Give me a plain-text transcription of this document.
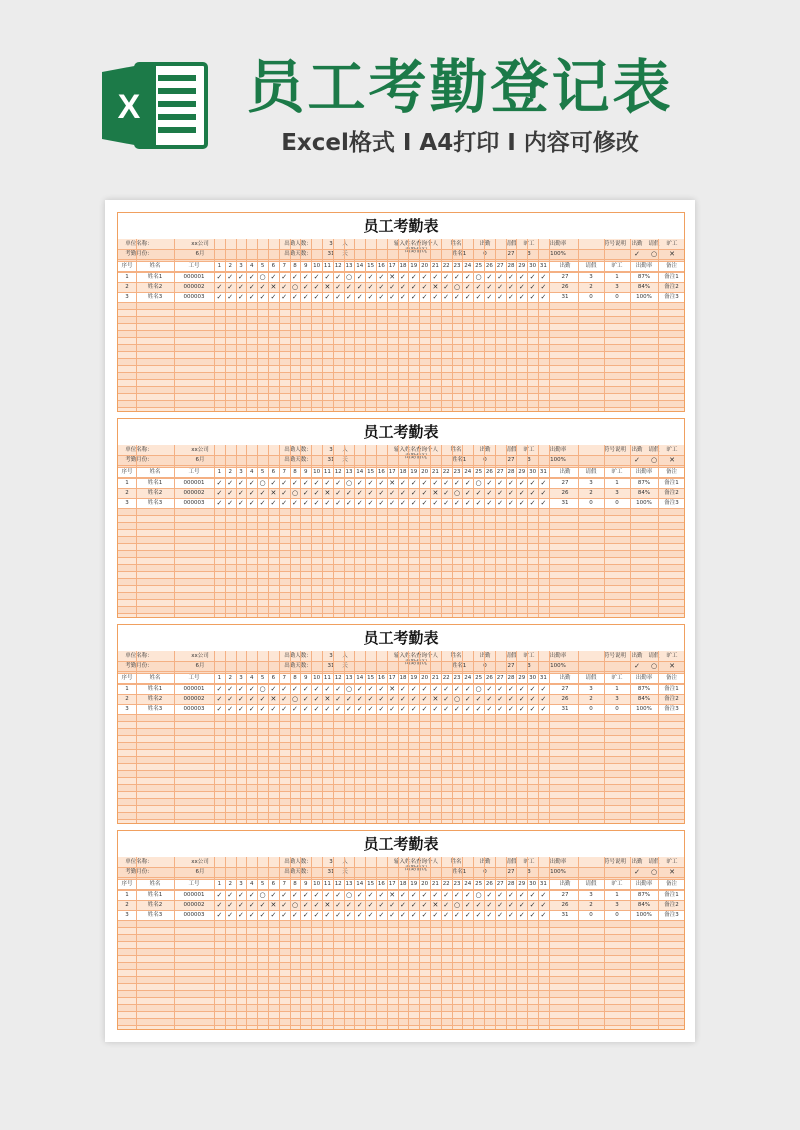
X 员工考勤登记表
Excel格式 Ⅰ A4打印 Ⅰ 内容可修改
员工考勤表
单位名称：	xx公司	出勤人数：	3	人	姓名	出勤	请假 旷工	出勤率	出勤 请假 旷工
输入姓名查询个人出勤情况
符号说明
考勤月份：	6月	出勤天数：	31	天	姓名1	0	27	3	100%	✓	○	✕
序号	姓名	工号	出勤	请假	旷工	出勤率	备注
1	2	3	4	5	6	7	8	9	10 11 12 13 14 15 16 17 18 19 20 21 22 23 24 25 26 27 28 29 30 31
1	姓名1	000001	✓ ✓ ✓ ✓ ○ ✓ ✓ ✓ ✓ ✓ ✓ ✓ ○ ✓ ✓ ✓ ✕ ✓ ✓ ✓ ✓ ✓ ✓ ✓ ○ ✓ ✓ ✓ ✓ ✓ ✓	27	3	1	87%	备注1
2	姓名2	000002	✓ ✓ ✓ ✓ ✓ ✕ ✓ ○ ✓ ✓ ✕ ✓ ✓ ✓ ✓ ✓ ✓ ✓ ✓ ✓ ✕ ✓ ○ ✓ ✓ ✓ ✓ ✓ ✓ ✓ ✓	26	2	3	84%	备注2
3	姓名3	000003	✓ ✓ ✓ ✓ ✓ ✓ ✓ ✓ ✓ ✓ ✓ ✓ ✓ ✓ ✓ ✓ ✓ ✓ ✓ ✓ ✓ ✓ ✓ ✓ ✓ ✓ ✓ ✓ ✓ ✓ ✓	31	0	0	100%	备注3
员工考勤表
单位名称：	xx公司	出勤人数：	3	人	姓名	出勤	请假 旷工	出勤率	出勤 请假 旷工
输入姓名查询个人出勤情况
符号说明
考勤月份：	6月	出勤天数：	31	天	姓名1	0	27	3	100%	✓	○	✕
序号	姓名	工号	出勤	请假	旷工	出勤率	备注
1	2	3	4	5	6	7	8	9	10 11 12 13 14 15 16 17 18 19 20 21 22 23 24 25 26 27 28 29 30 31
1	姓名1	000001	✓ ✓ ✓ ✓ ○ ✓ ✓ ✓ ✓ ✓ ✓ ✓ ○ ✓ ✓ ✓ ✕ ✓ ✓ ✓ ✓ ✓ ✓ ✓ ○ ✓ ✓ ✓ ✓ ✓ ✓	27	3	1	87%	备注1
2	姓名2	000002	✓ ✓ ✓ ✓ ✓ ✕ ✓ ○ ✓ ✓ ✕ ✓ ✓ ✓ ✓ ✓ ✓ ✓ ✓ ✓ ✕ ✓ ○ ✓ ✓ ✓ ✓ ✓ ✓ ✓ ✓	26	2	3	84%	备注2
3	姓名3	000003	✓ ✓ ✓ ✓ ✓ ✓ ✓ ✓ ✓ ✓ ✓ ✓ ✓ ✓ ✓ ✓ ✓ ✓ ✓ ✓ ✓ ✓ ✓ ✓ ✓ ✓ ✓ ✓ ✓ ✓ ✓	31	0	0	100%	备注3
员工考勤表
单位名称：	xx公司	出勤人数：	3	人	姓名	出勤	请假 旷工	出勤率	出勤 请假 旷工
输入姓名查询个人出勤情况
符号说明
考勤月份：	6月	出勤天数：	31	天	姓名1	0	27	3	100%	✓	○	✕
序号	姓名	工号	出勤	请假	旷工	出勤率	备注
1	2	3	4	5	6	7	8	9	10 11 12 13 14 15 16 17 18 19 20 21 22 23 24 25 26 27 28 29 30 31
1	姓名1	000001	✓ ✓ ✓ ✓ ○ ✓ ✓ ✓ ✓ ✓ ✓ ✓ ○ ✓ ✓ ✓ ✕ ✓ ✓ ✓ ✓ ✓ ✓ ✓ ○ ✓ ✓ ✓ ✓ ✓ ✓	27	3	1	87%	备注1
2	姓名2	000002	✓ ✓ ✓ ✓ ✓ ✕ ✓ ○ ✓ ✓ ✕ ✓ ✓ ✓ ✓ ✓ ✓ ✓ ✓ ✓ ✕ ✓ ○ ✓ ✓ ✓ ✓ ✓ ✓ ✓ ✓	26	2	3	84%	备注2
3	姓名3	000003	✓ ✓ ✓ ✓ ✓ ✓ ✓ ✓ ✓ ✓ ✓ ✓ ✓ ✓ ✓ ✓ ✓ ✓ ✓ ✓ ✓ ✓ ✓ ✓ ✓ ✓ ✓ ✓ ✓ ✓ ✓	31	0	0	100%	备注3
员工考勤表
单位名称：	xx公司	出勤人数：	3	人	姓名	出勤	请假 旷工	出勤率	出勤 请假 旷工
输入姓名查询个人出勤情况
符号说明
考勤月份：	6月	出勤天数：	31	天	姓名1	0	27	3	100%	✓	○	✕
序号	姓名	工号	出勤	请假	旷工	出勤率	备注
1	2	3	4	5	6	7	8	9	10 11 12 13 14 15 16 17 18 19 20 21 22 23 24 25 26 27 28 29 30 31
1	姓名1	000001	✓ ✓ ✓ ✓ ○ ✓ ✓ ✓ ✓ ✓ ✓ ✓ ○ ✓ ✓ ✓ ✕ ✓ ✓ ✓ ✓ ✓ ✓ ✓ ○ ✓ ✓ ✓ ✓ ✓ ✓	27	3	1	87%	备注1
2	姓名2	000002	✓ ✓ ✓ ✓ ✓ ✕ ✓ ○ ✓ ✓ ✕ ✓ ✓ ✓ ✓ ✓ ✓ ✓ ✓ ✓ ✕ ✓ ○ ✓ ✓ ✓ ✓ ✓ ✓ ✓ ✓	26	2	3	84%	备注2
3	姓名3	000003	✓ ✓ ✓ ✓ ✓ ✓ ✓ ✓ ✓ ✓ ✓ ✓ ✓ ✓ ✓ ✓ ✓ ✓ ✓ ✓ ✓ ✓ ✓ ✓ ✓ ✓ ✓ ✓ ✓ ✓ ✓	31	0	0	100%	备注3
